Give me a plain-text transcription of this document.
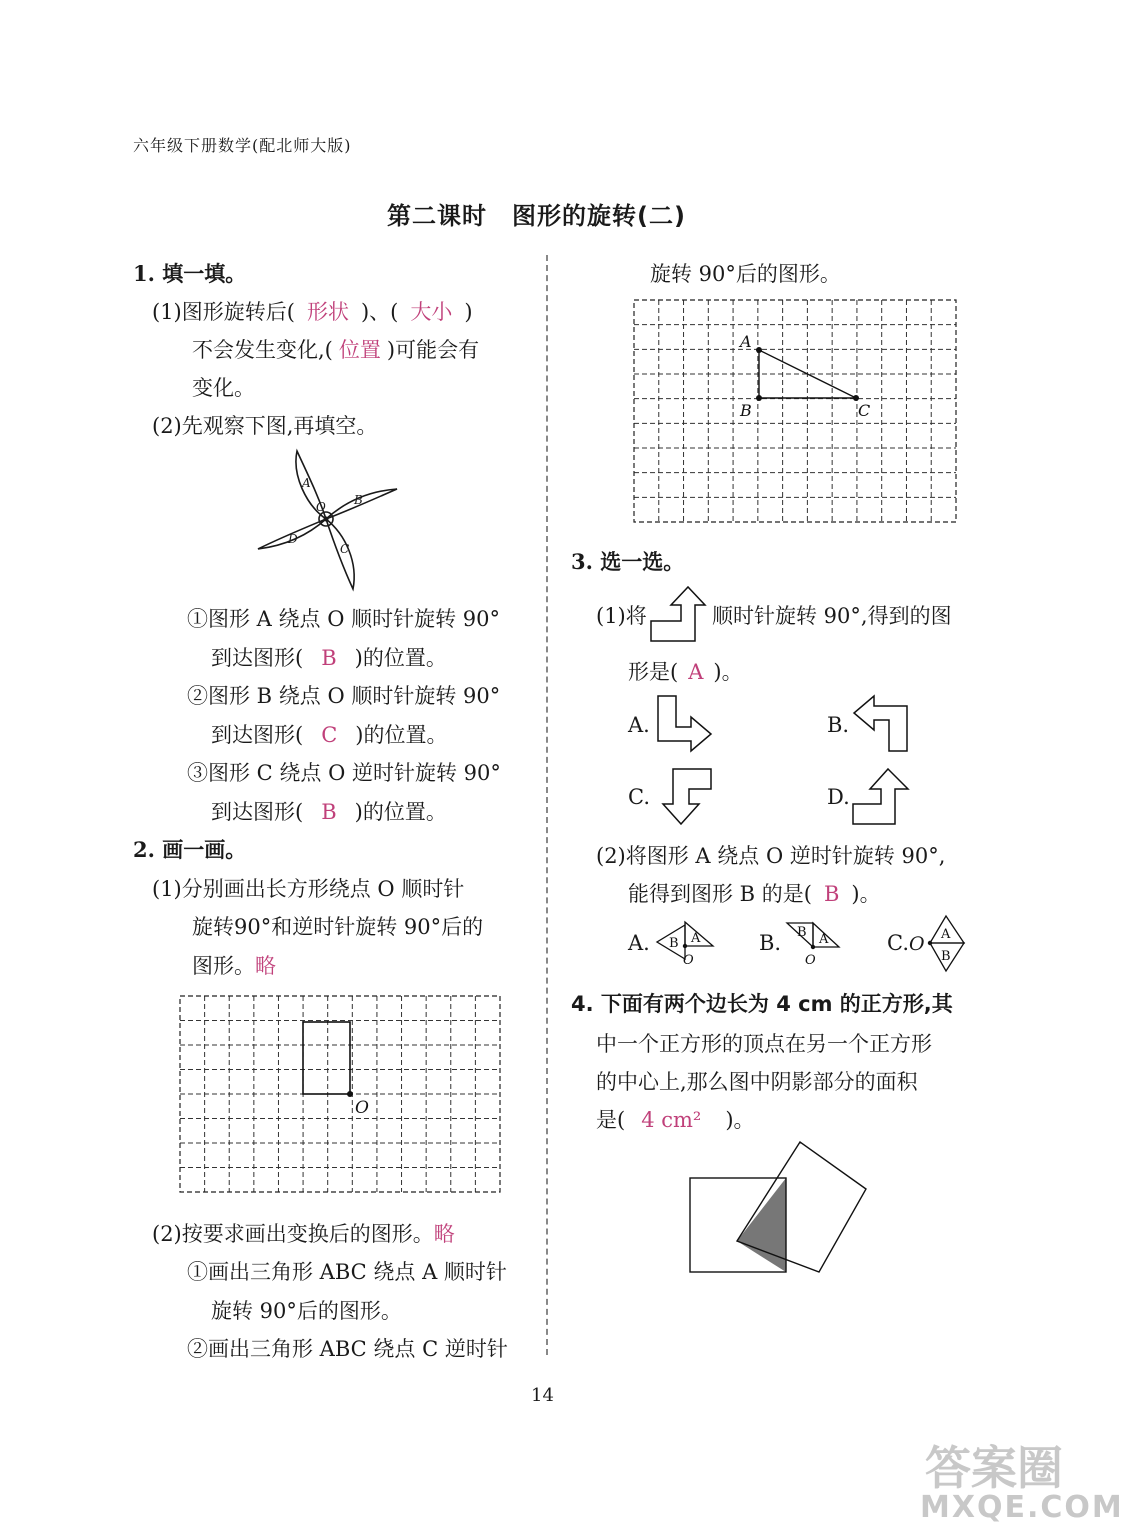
六年级下册数学(配北师大版)
第二课时　图形的旋转(二)
1. 填一填。
(1)图形旋转后( 形状 )、( 大小 )
不会发生变化,( 位置 )可能会有
变化。
(2)先观察下图,再填空。
A
B
C
D
O
①图形 A 绕点 O 顺时针旋转 90°
到达图形( B )的位置。
②图形 B 绕点 O 顺时针旋转 90°
到达图形( C )的位置。
③图形 C 绕点 O 逆时针旋转 90°
到达图形( B )的位置。
2. 画一画。
(1)分别画出长方形绕点 O 顺时针
旋转90°和逆时针旋转 90°后的
图形。略
O
(2)按要求画出变换后的图形。略
①画出三角形 ABC 绕点 A 顺时针
旋转 90°后的图形。
②画出三角形 ABC 绕点 C 逆时针
旋转 90°后的图形。
A
B	C
3. 选一选。
(1)将	顺时针旋转 90°,得到的图
形是( A )。
A.	B.
C.	D.
(2)将图形 A 绕点 O 逆时针旋转 90°,
能得到图形 B 的是( B )。
A. B A
O
B. B A
O
C.O A
B
4. 下面有两个边长为 4 cm 的正方形,其
中一个正方形的顶点在另一个正方形
的中心上,那么图中阴影部分的面积
是( 4 cm² )。
14
答案圈
MXQE.COM
